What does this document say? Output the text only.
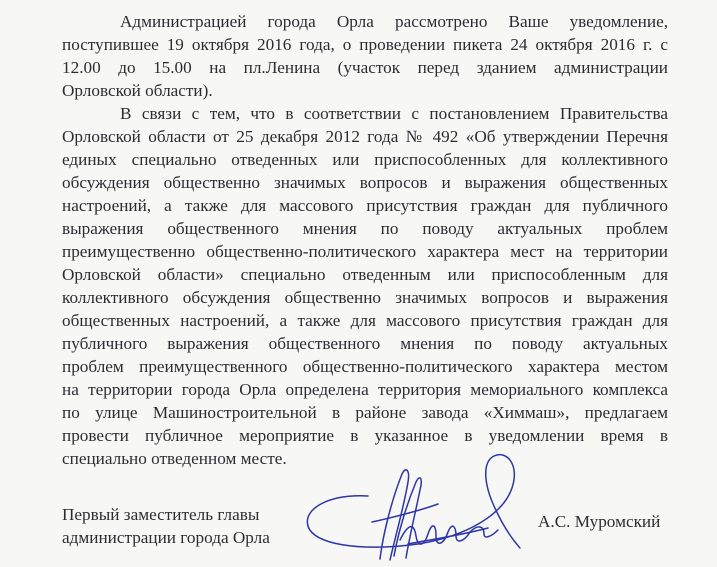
Администрацией города Орла рассмотрено Ваше уведомление,
поступившее 19 октября 2016 года, о проведении пикета 24 октября 2016 г. с
12.00 до 15.00 на пл.Ленина (участок перед зданием администрации
Орловской области).
В связи с тем, что в соответствии с постановлением Правительства
Орловской области от 25 декабря 2012 года № 492 «Об утверждении Перечня
единых специально отведенных или приспособленных для коллективного
обсуждения общественно значимых вопросов и выражения общественных
настроений, а также для массового присутствия граждан для публичного
выражения общественного мнения по поводу актуальных проблем
преимущественно общественно-политического характера мест на территории
Орловской области» специально отведенным или приспособленным для
коллективного обсуждения общественно значимых вопросов и выражения
общественных настроений, а также для массового присутствия граждан для
публичного выражения общественного мнения по поводу актуальных
проблем преимущественного общественно-политического характера местом
на территории города Орла определена территория мемориального комплекса
по улице Машиностроительной в районе завода «Химмаш», предлагаем
провести публичное мероприятие в указанное в уведомлении время в
специально отведенном месте.
Первый заместитель главы
администрации города Орла
А.С. Муромский
